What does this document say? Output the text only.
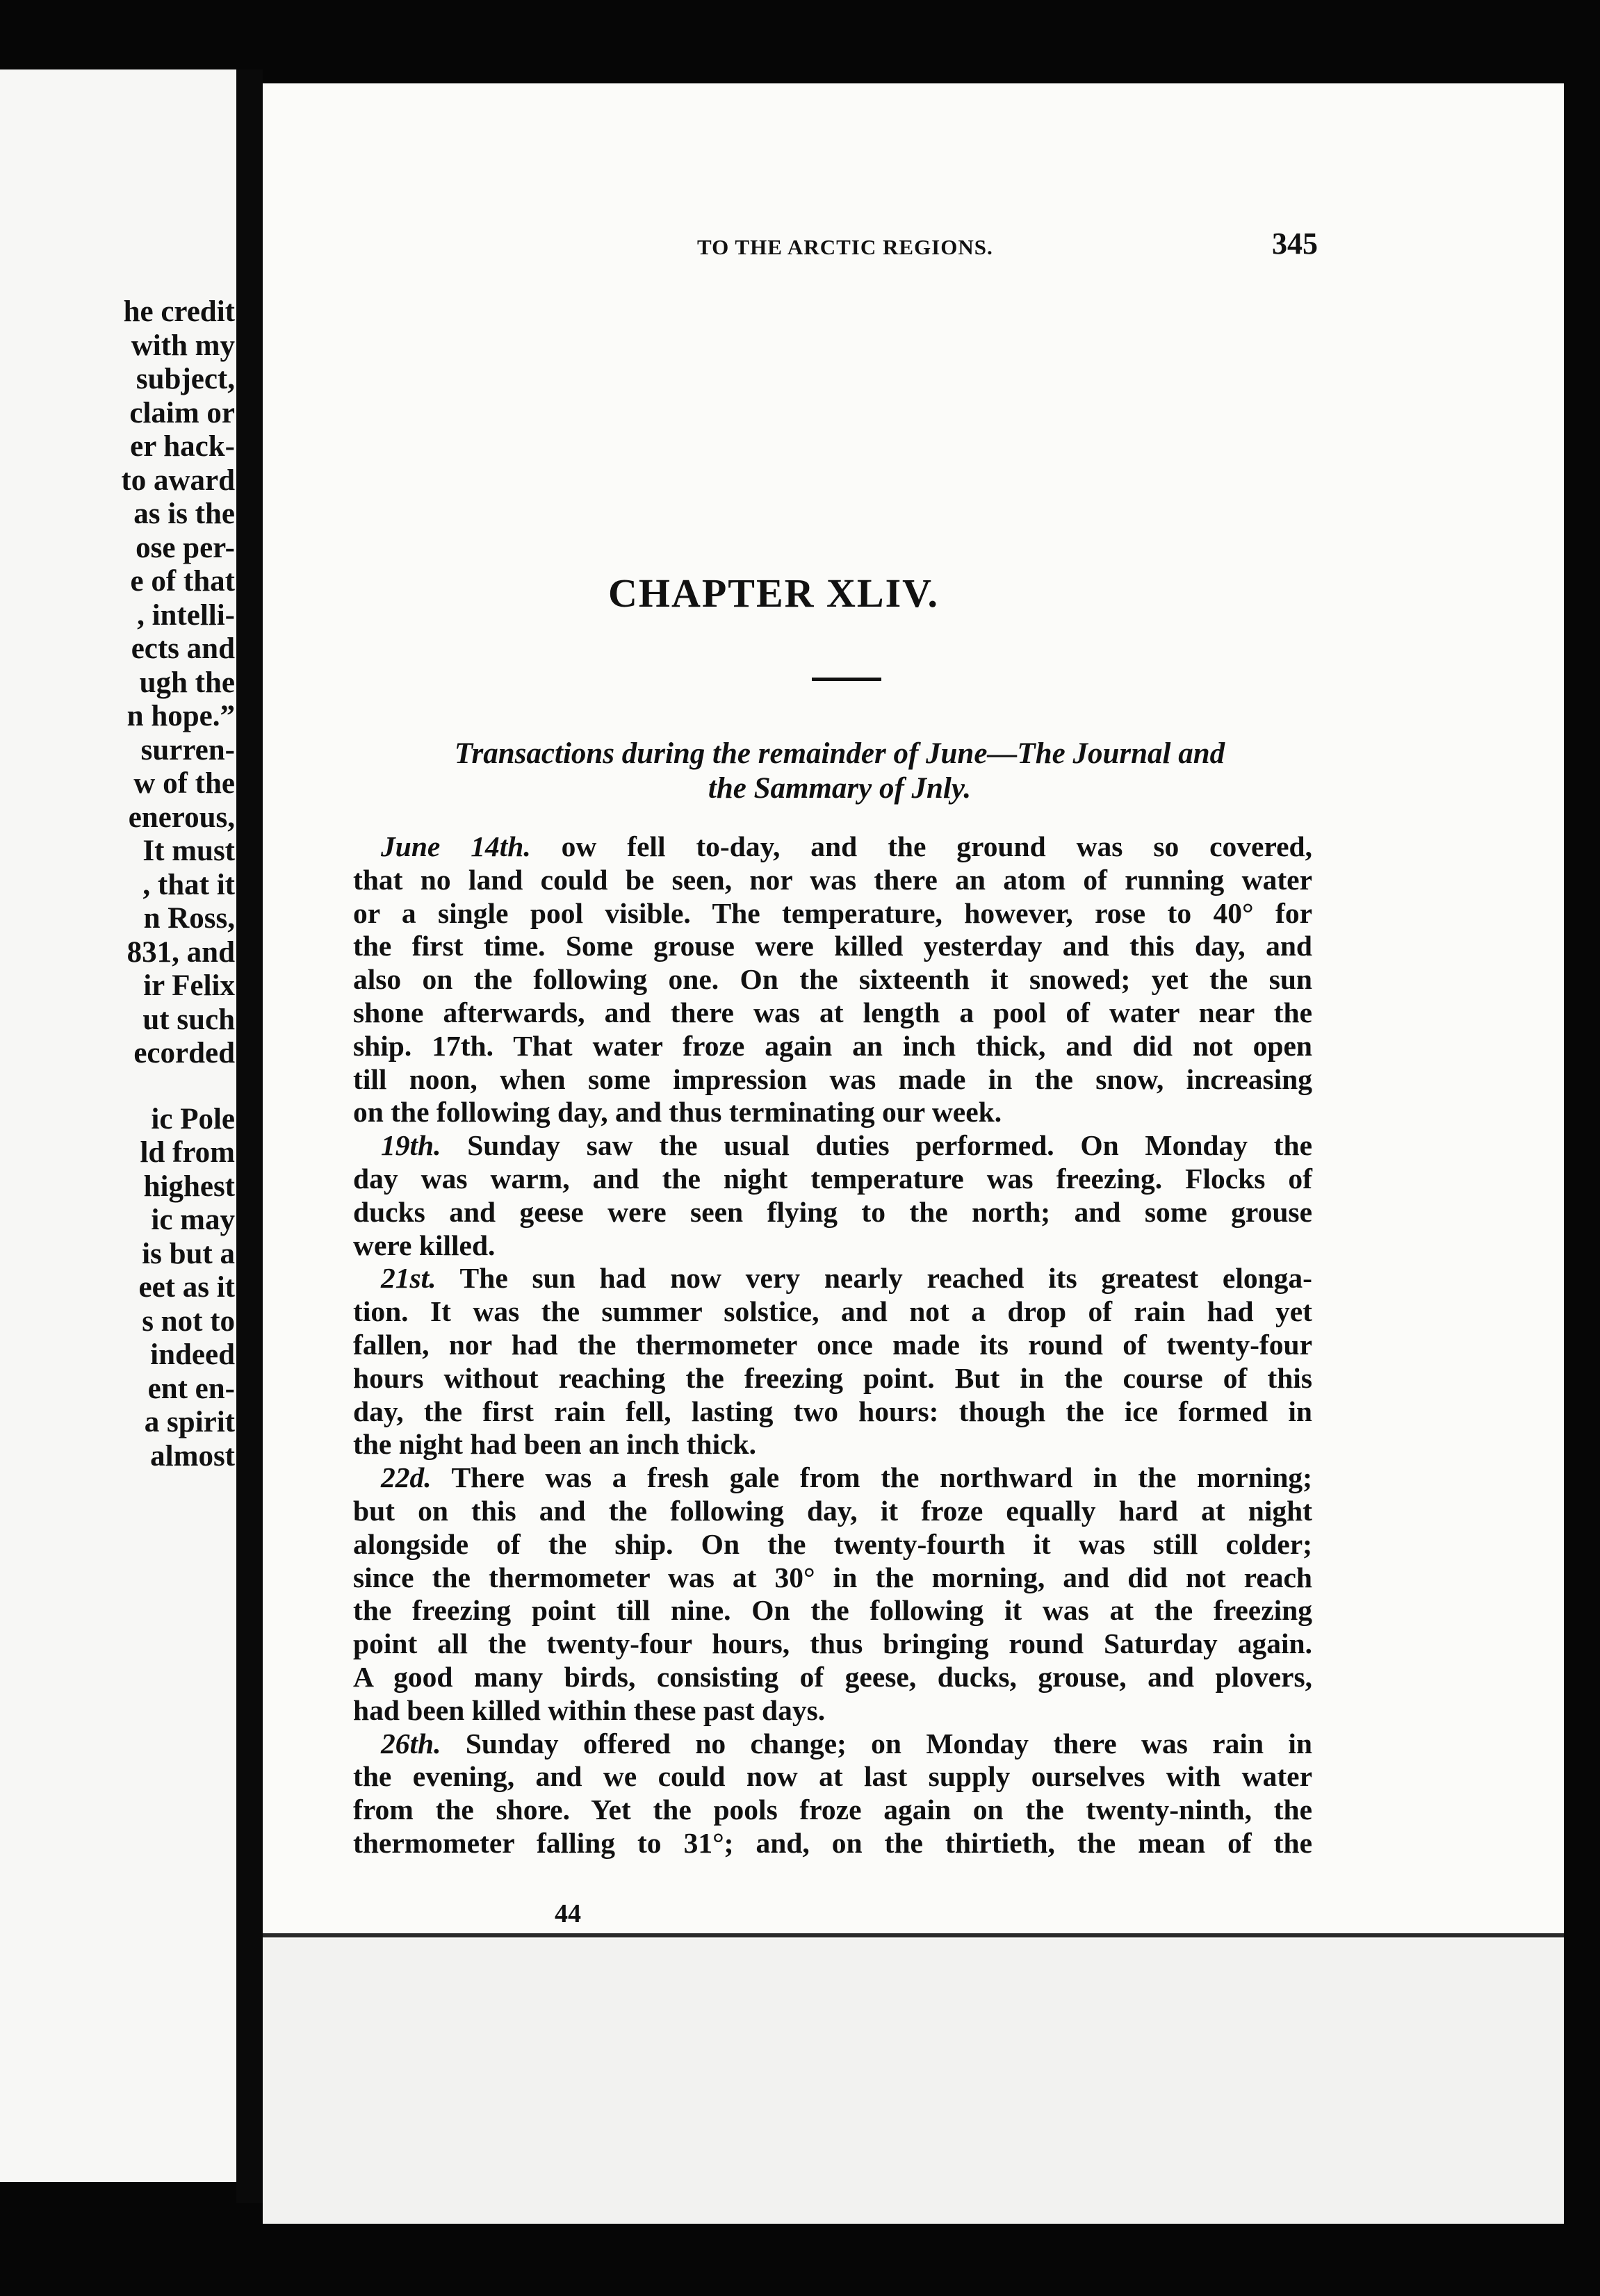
he credit
with my
subject,
claim or
er hack-
to award
as is the
ose per-
e of that
, intelli-
ects and
ugh the
n hope.”
surren-
w of the
enerous,
It must
, that it
n Ross,
831, and
ir Felix
ut such
ecorded
ic Pole
ld from
highest
ic may
is but a
eet as it
s not to
indeed
ent en-
a spirit
almost
TO THE ARCTIC REGIONS.	345
CHAPTER XLIV.
Transactions during the remainder of June—The Journal and
the Sammary of Jnly.
June 14th. ow fell to-day, and the ground was so covered,
that no land could be seen, nor was there an atom of running water
or a single pool visible. The temperature, however, rose to 40° for
the first time. Some grouse were killed yesterday and this day, and
also on the following one. On the sixteenth it snowed; yet the sun
shone afterwards, and there was at length a pool of water near the
ship. 17th. That water froze again an inch thick, and did not open
till noon, when some impression was made in the snow, increasing
on the following day, and thus terminating our week.
19th. Sunday saw the usual duties performed. On Monday the
day was warm, and the night temperature was freezing. Flocks of
ducks and geese were seen flying to the north; and some grouse
were killed.
21st. The sun had now very nearly reached its greatest elonga-
tion. It was the summer solstice, and not a drop of rain had yet
fallen, nor had the thermometer once made its round of twenty-four
hours without reaching the freezing point. But in the course of this
day, the first rain fell, lasting two hours: though the ice formed in
the night had been an inch thick.
22d. There was a fresh gale from the northward in the morning;
but on this and the following day, it froze equally hard at night
alongside of the ship. On the twenty-fourth it was still colder;
since the thermometer was at 30° in the morning, and did not reach
the freezing point till nine. On the following it was at the freezing
point all the twenty-four hours, thus bringing round Saturday again.
A good many birds, consisting of geese, ducks, grouse, and plovers,
had been killed within these past days.
26th. Sunday offered no change; on Monday there was rain in
the evening, and we could now at last supply ourselves with water
from the shore. Yet the pools froze again on the twenty-ninth, the
thermometer falling to 31°; and, on the thirtieth, the mean of the
44
